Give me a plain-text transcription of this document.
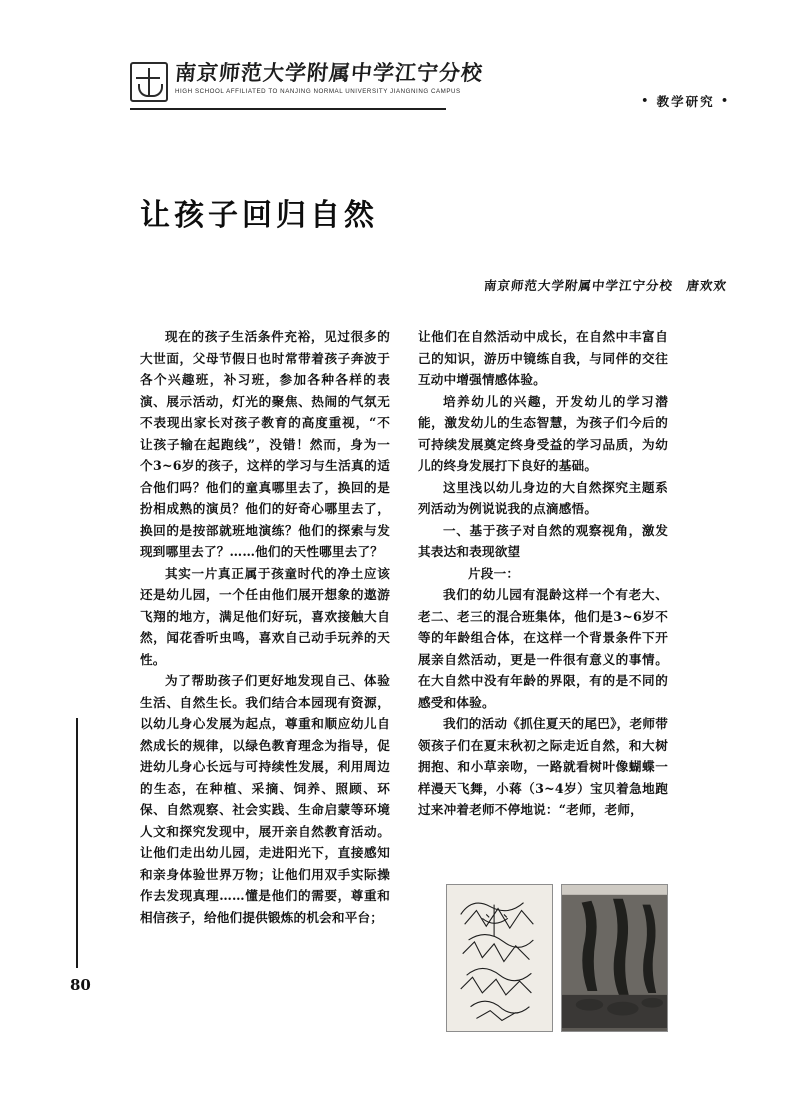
南京师范大学附属中学江宁分校
HIGH SCHOOL AFFILIATED TO NANJING NORMAL UNIVERSITY JIANGNING CAMPUS
• 教学研究 •
让孩子回归自然
南京师范大学附属中学江宁分校　唐欢欢

现在的孩子生活条件充裕，见过很多的大世面，父母节假日也时常带着孩子奔波于各个兴趣班，补习班，参加各种各样的表演、展示活动，灯光的聚焦、热闹的气氛无不表现出家长对孩子教育的高度重视，“不让孩子输在起跑线”，没错！然而，身为一个3~6岁的孩子，这样的学习与生活真的适合他们吗？他们的童真哪里去了，换回的是扮相成熟的演员？他们的好奇心哪里去了，换回的是按部就班地演练？他们的探索与发现到哪里去了？……他们的天性哪里去了？

其实一片真正属于孩童时代的净土应该还是幼儿园，一个任由他们展开想象的遨游飞翔的地方，满足他们好玩，喜欢接触大自然，闻花香听虫鸣，喜欢自己动手玩养的天性。

为了帮助孩子们更好地发现自己、体验生活、自然生长。我们结合本园现有资源，以幼儿身心发展为起点，尊重和顺应幼儿自然成长的规律，以绿色教育理念为指导，促进幼儿身心长远与可持续性发展，利用周边的生态，在种植、采摘、饲养、照顾、环保、自然观察、社会实践、生命启蒙等环境人文和探究发现中，展开亲自然教育活动。让他们走出幼儿园，走进阳光下，直接感知和亲身体验世界万物；让他们用双手实际操作去发现真理……懂是他们的需要，尊重和相信孩子，给他们提供锻炼的机会和平台；

让他们在自然活动中成长，在自然中丰富自己的知识，游历中镜练自我，与同伴的交往互动中增强情感体验。

培养幼儿的兴趣，开发幼儿的学习潜能，激发幼儿的生态智慧，为孩子们今后的可持续发展奠定终身受益的学习品质，为幼儿的终身发展打下良好的基础。

这里浅以幼儿身边的大自然探究主题系列活动为例说说我的点滴感悟。

一、基于孩子对自然的观察视角，激发其表达和表现欲望

片段一：

我们的幼儿园有混龄这样一个有老大、老二、老三的混合班集体，他们是3~6岁不等的年龄组合体，在这样一个背景条件下开展亲自然活动，更是一件很有意义的事情。在大自然中没有年龄的界限，有的是不同的感受和体验。

我们的活动《抓住夏天的尾巴》，老师带领孩子们在夏末秋初之际走近自然，和大树拥抱、和小草亲吻，一路就看树叶像蝴蝶一样漫天飞舞，小蒋（3~4岁）宝贝着急地跑过来冲着老师不停地说：“老师，老师，

80
